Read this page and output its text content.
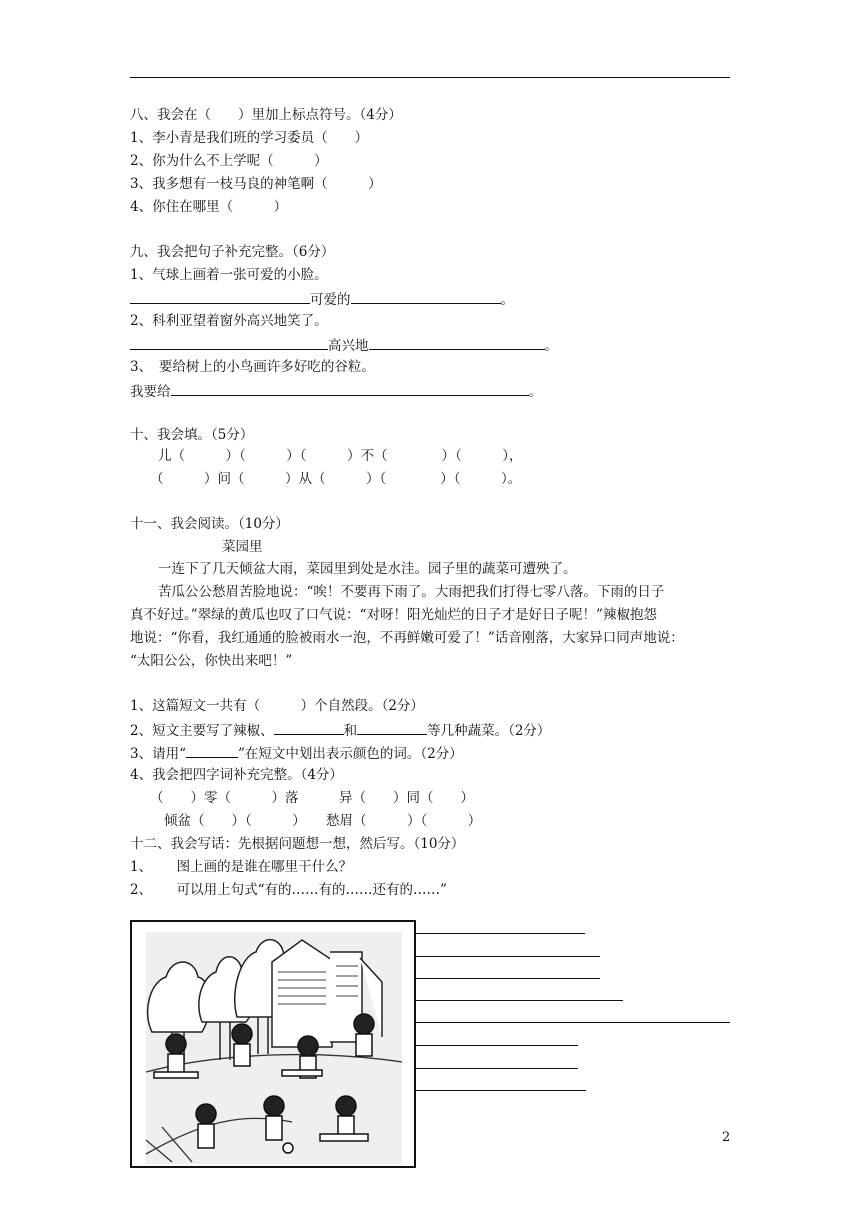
八、我会在（　　）里加上标点符号。（4分）
1、李小青是我们班的学习委员（　　）
2、你为什么不上学呢（　　　）
3、我多想有一枝马良的神笔啊（　　　）
4、你住在哪里（　　　）
九、我会把句子补充完整。（6分）
1、气球上画着一张可爱的小脸。
可爱的	。
2、科利亚望着窗外高兴地笑了。
高兴地	。
3、　要给树上的小鸟画许多好吃的谷粒。
我要给	。
十、我会填。（5分）
儿（　　　）（　　　）（　　　）不（　　　　）（　　　），
（　　　）问（　　　）从（　　　）（　　　　）（　　　）。
十一、我会阅读。（10分）
菜园里
一连下了几天倾盆大雨，菜园里到处是水洼。园子里的蔬菜可遭殃了。
苦瓜公公愁眉苦脸地说：“唉！不要再下雨了。大雨把我们打得七零八落。下雨的日子
真不好过。”翠绿的黄瓜也叹了口气说：“对呀！阳光灿烂的日子才是好日子呢！”辣椒抱怨
地说：“你看，我红通通的脸被雨水一泡，不再鲜嫩可爱了！”话音刚落，大家异口同声地说：
“太阳公公，你快出来吧！”
1、这篇短文一共有（　　　）个自然段。（2分）
2、短文主要写了辣椒、	和	等几种蔬菜。（2分）
3、请用“	”在短文中划出表示颜色的词。（2分）
4、我会把四字词补充完整。（4分）
（　　）零（　　　）落　　　异（　　）同（　　）
倾盆（　　）（　　　）　　愁眉（　　　）（　　　）
十二、我会写话：先根据问题想一想，然后写。（10分）
1、　　 图上画的是谁在哪里干什么？
2、　　 可以用上句式“有的……有的……还有的……”
2
